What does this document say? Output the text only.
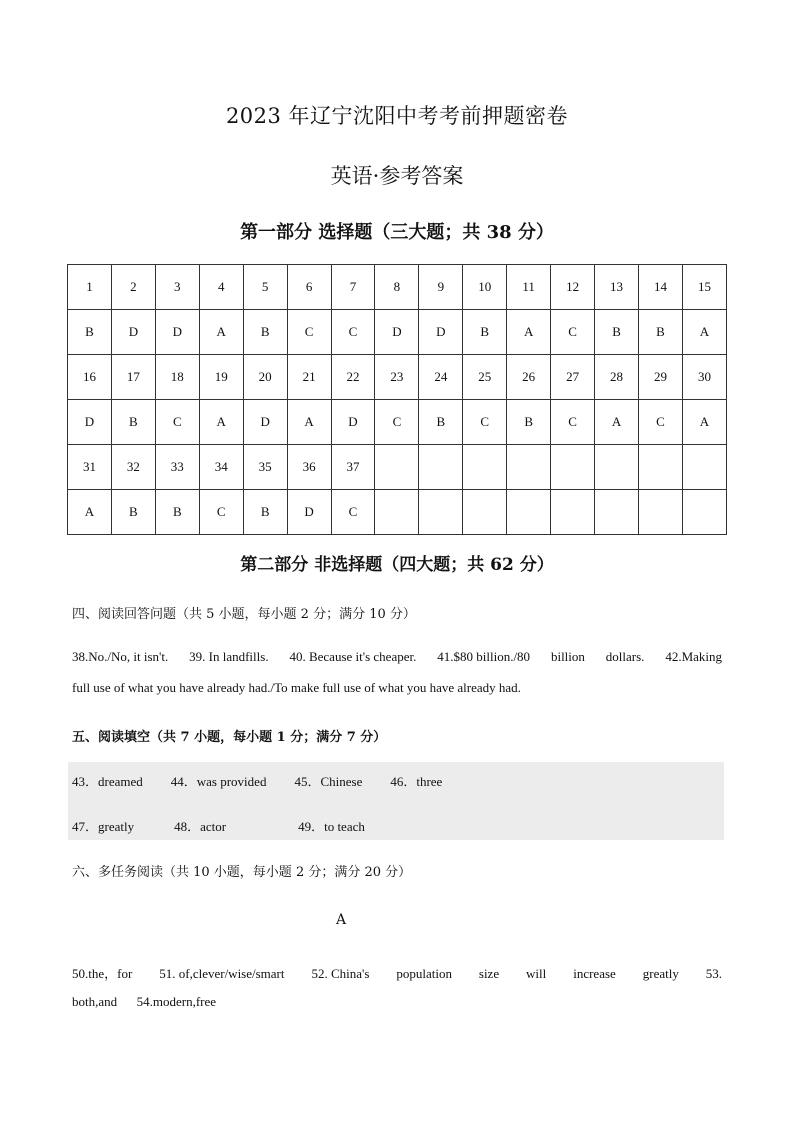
2023 年辽宁沈阳中考考前押题密卷
英语·参考答案
第一部分 选择题（三大题；共 38 分）
1	2	3	4	5	6	7	8	9	10	11	12	13	14	15
B	D	D	A	B	C	C	D	D	B	A	C	B	B	A
16	17	18	19	20	21	22	23	24	25	26	27	28	29	30
D	B	C	A	D	A	D	C	B	C	B	C	A	C	A
31	32	33	34	35	36	37								
A	B	B	C	B	D	C								
第二部分 非选择题（四大题；共 62 分）
四、阅读回答问题（共 5 小题，每小题 2 分；满分 10 分）
38.No./No, it isn't. 39. In landfills. 40. Because it's cheaper. 41.$80 billion./80 billion dollars. 42.Making
full use of what you have already had./To make full use of what you have already had.
五、阅读填空（共 7 小题，每小题 1 分；满分 7 分）
43．dreamed 44．was provided 45．Chinese 46．three
47．greatly	48．actor	49．to teach
六、多任务阅读（共 10 小题，每小题 2 分；满分 20 分）
A
50.the，for 51. of,clever/wise/smart 52. China's population size will increase greatly 53.
both,and      54.modern,free
